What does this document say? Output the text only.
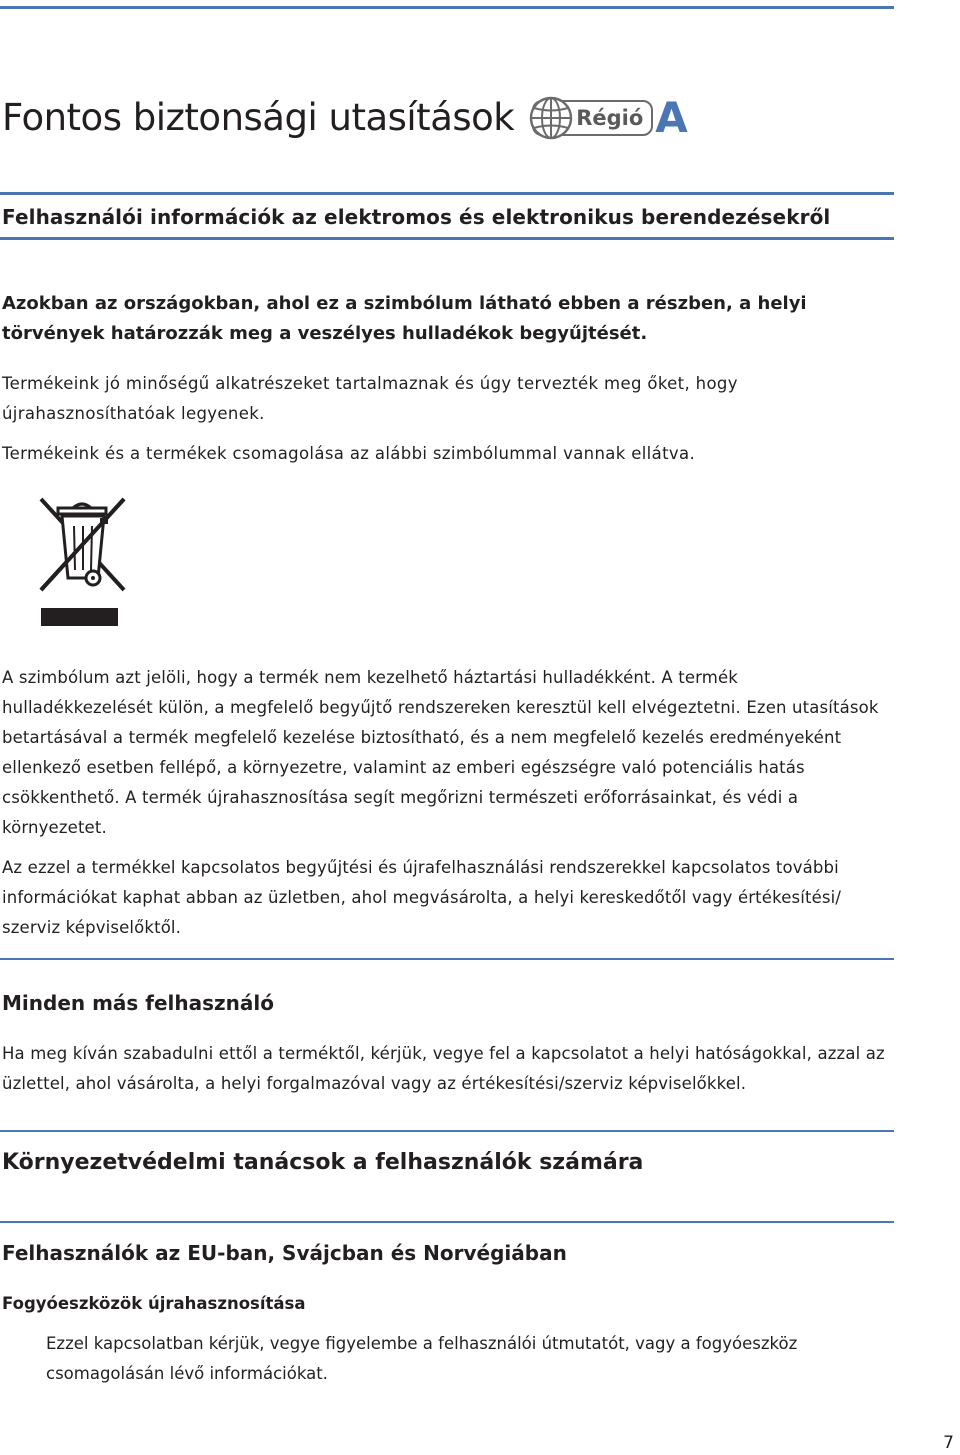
Fontos biztonsági utasítások	Régió A
Felhasználói információk az elektromos és elektronikus berendezésekről

Azokban az országokban, ahol ez a szimbólum látható ebben a részben, a helyi törvények határozzák meg a veszélyes hulladékok begyűjtését.

Termékeink jó minőségű alkatrészeket tartalmaznak és úgy tervezték meg őket, hogy újrahasznosíthatóak legyenek.

Termékeink és a termékek csomagolása az alábbi szimbólummal vannak ellátva.

A szimbólum azt jelöli, hogy a termék nem kezelhető háztartási hulladékként. A termék hulladékkezelését külön, a megfelelő begyűjtő rendszereken keresztül kell elvégeztetni. Ezen utasítások betartásával a termék megfelelő kezelése biztosítható, és a nem megfelelő kezelés eredményeként ellenkező esetben fellépő, a környezetre, valamint az emberi egészségre való potenciális hatás csökkenthető. A termék újrahasznosítása segít megőrizni természeti erőforrásainkat, és védi a környezetet.

Az ezzel a termékkel kapcsolatos begyűjtési és újrafelhasználási rendszerekkel kapcsolatos további információkat kaphat abban az üzletben, ahol megvásárolta, a helyi kereskedőtől vagy értékesítési/ szerviz képviselőktől.

Minden más felhasználó

Ha meg kíván szabadulni ettől a terméktől, kérjük, vegye fel a kapcsolatot a helyi hatóságokkal, azzal az üzlettel, ahol vásárolta, a helyi forgalmazóval vagy az értékesítési/szerviz képviselőkkel.

Környezetvédelmi tanácsok a felhasználók számára
Felhasználók az EU-ban, Svájcban és Norvégiában
Fogyóeszközök újrahasznosítása

Ezzel kapcsolatban kérjük, vegye figyelembe a felhasználói útmutatót, vagy a fogyóeszköz csomagolásán lévő információkat.

7
